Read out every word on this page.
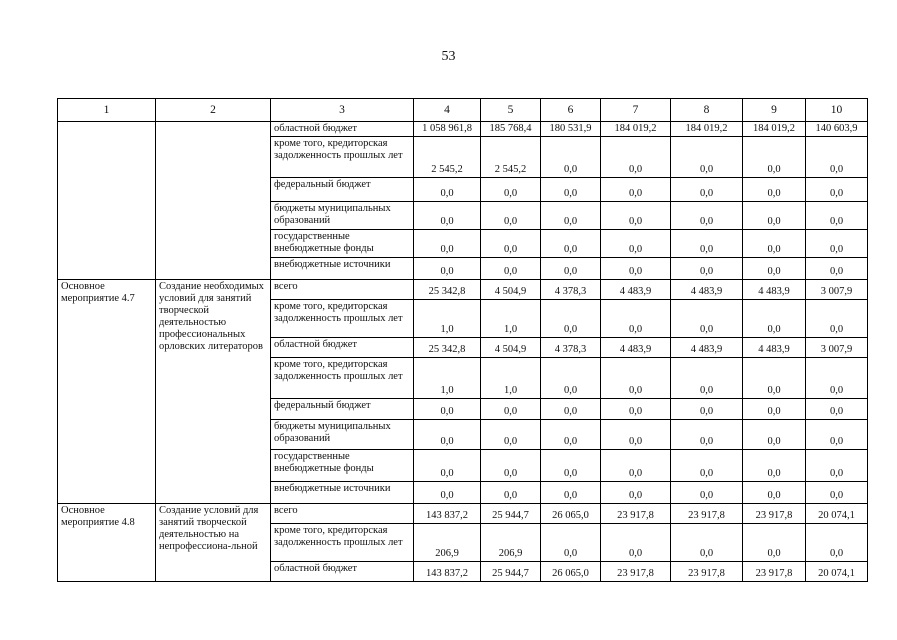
53
1	2	3	4	5	6	7	8	9	10
		областной бюджет	1 058 961,8	185 768,4	180 531,9	184 019,2	184 019,2	184 019,2	140 603,9
		кроме того, кредиторская задолженность прошлых лет	2 545,2	2 545,2	0,0	0,0	0,0	0,0	0,0
		федеральный бюджет	0,0	0,0	0,0	0,0	0,0	0,0	0,0
		бюджеты муниципальных образований	0,0	0,0	0,0	0,0	0,0	0,0	0,0
		государственные внебюджетные фонды	0,0	0,0	0,0	0,0	0,0	0,0	0,0
		внебюджетные источники	0,0	0,0	0,0	0,0	0,0	0,0	0,0
Основное мероприятие 4.7	Создание необходимых условий для занятий творческой деятельностью профессиональных орловских литераторов	всего	25 342,8	4 504,9	4 378,3	4 483,9	4 483,9	4 483,9	3 007,9
		кроме того, кредиторская задолженность прошлых лет	1,0	1,0	0,0	0,0	0,0	0,0	0,0
		областной бюджет	25 342,8	4 504,9	4 378,3	4 483,9	4 483,9	4 483,9	3 007,9
		кроме того, кредиторская задолженность прошлых лет	1,0	1,0	0,0	0,0	0,0	0,0	0,0
		федеральный бюджет	0,0	0,0	0,0	0,0	0,0	0,0	0,0
		бюджеты муниципальных образований	0,0	0,0	0,0	0,0	0,0	0,0	0,0
		государственные внебюджетные фонды	0,0	0,0	0,0	0,0	0,0	0,0	0,0
		внебюджетные источники	0,0	0,0	0,0	0,0	0,0	0,0	0,0
Основное мероприятие 4.8	Создание условий для занятий творческой деятельностью на непрофессиона-льной	всего	143 837,2	25 944,7	26 065,0	23 917,8	23 917,8	23 917,8	20 074,1
		кроме того, кредиторская задолженность прошлых лет	206,9	206,9	0,0	0,0	0,0	0,0	0,0
		областной бюджет	143 837,2	25 944,7	26 065,0	23 917,8	23 917,8	23 917,8	20 074,1
